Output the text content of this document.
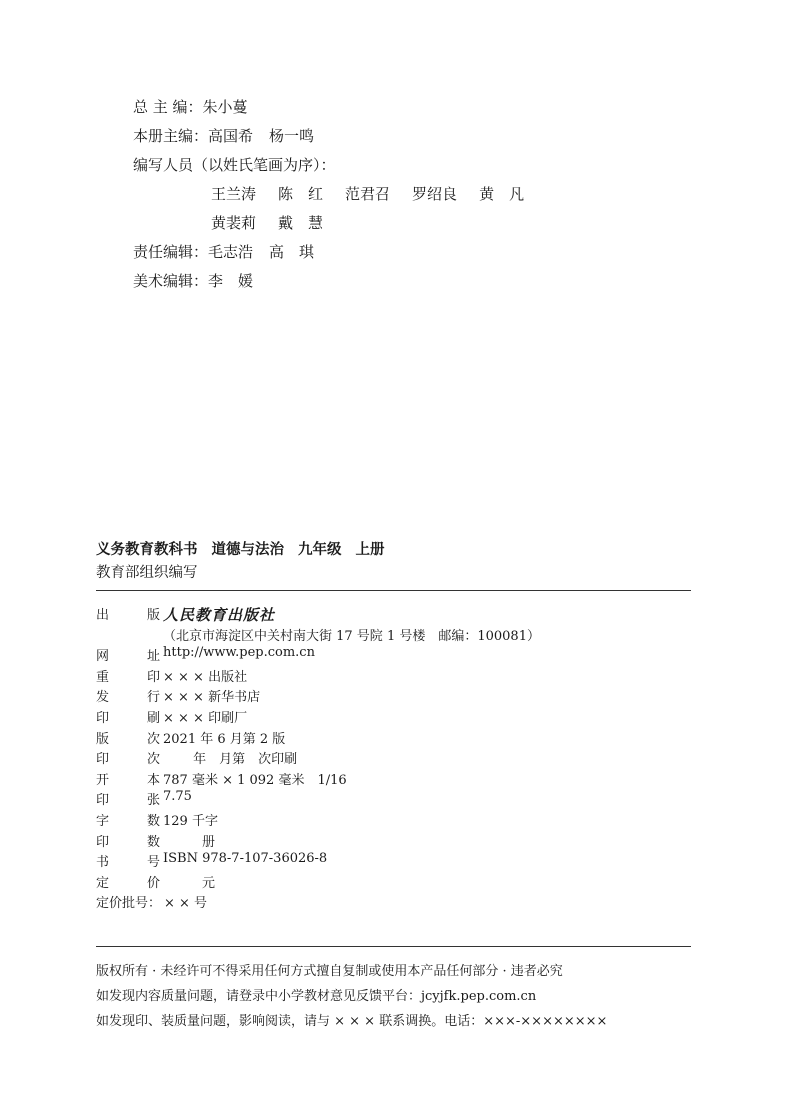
总 主 编：朱小蔓
本册主编：高国希 杨一鸣
编写人员（以姓氏笔画为序）：
王兰涛 陈　红 范君召 罗绍良 黄　凡
黄裴莉 戴　慧
责任编辑：毛志浩 高　琪
美术编辑：李　媛
义务教育教科书 道德与法治 九年级 上册
教育部组织编写
出	版 人民教育出版社
（北京市海淀区中关村南大街 17 号院 1 号楼　邮编：100081）
网	址 http://www.pep.com.cn
重	印 × × × 出版社
发	行 × × × 新华书店
印	刷 × × × 印刷厂
版	次 2021 年 6 月第 2 版
印	次 　　 年　月第　次印刷
开	本 787 毫米 × 1 092 毫米　1/16
印	张 7.75
字	数 129 千字
印	数 　　　册
书	号 ISBN 978-7-107-36026-8
定	价 　　　元
定价批号： × × 号
版权所有 · 未经许可不得采用任何方式擅自复制或使用本产品任何部分 · 违者必究
如发现内容质量问题，请登录中小学教材意见反馈平台：jcyjfk.pep.com.cn
如发现印、装质量问题，影响阅读，请与 × × × 联系调换。电话：×××-××××××××
